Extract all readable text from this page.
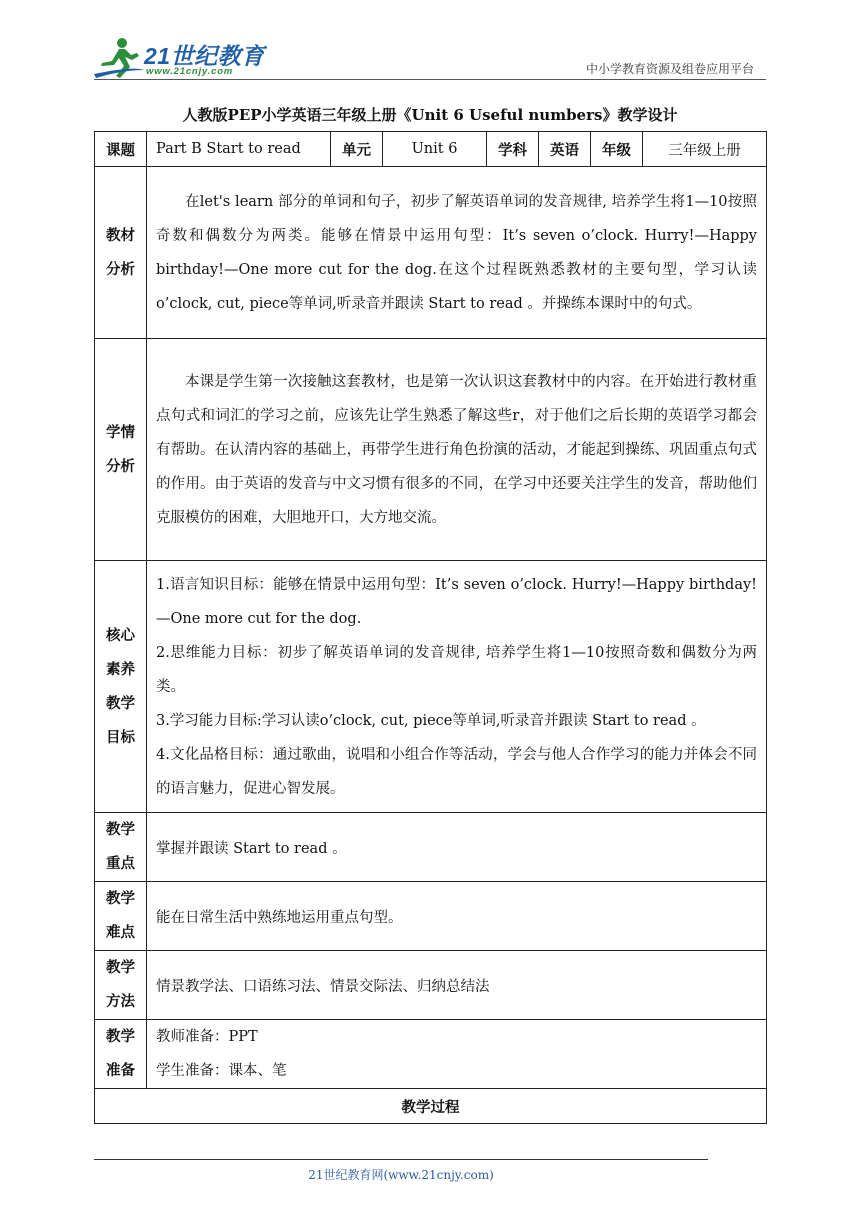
21世纪教育
www.21cnjy.com	中小学教育资源及组卷应用平台
人教版PEP小学英语三年级上册《Unit 6 Useful numbers》教学设计
课题	Part B Start to read	单元	Unit 6	学科	英语	年级	三年级上册
教材分析	在let's learn 部分的单词和句子，初步了解英语单词的发音规律, 培养学生将1—10按照奇数和偶数分为两类。能够在情景中运用句型：It’s seven o’clock. Hurry!—Happy birthday!—One more cut for the dog.在这个过程既熟悉教材的主要句型，学习认读o’clock, cut, piece等单词,听录音并跟读 Start to read 。并操练本课时中的句式。						

学情分析	本课是学生第一次接触这套教材，也是第一次认识这套教材中的内容。在开始进行教材重点句式和词汇的学习之前，应该先让学生熟悉了解这些r，对于他们之后长期的英语学习都会有帮助。在认清内容的基础上，再带学生进行角色扮演的活动，才能起到操练、巩固重点句式的作用。由于英语的发音与中文习惯有很多的不同，在学习中还要关注学生的发音，帮助他们克服模仿的困难，大胆地开口，大方地交流。						

核心素养教学目标	1.语言知识目标：能够在情景中运用句型：It’s seven o’clock. Hurry!—Happy birthday!—One more cut for the dog.
2.思维能力目标：初步了解英语单词的发音规律, 培养学生将1—10按照奇数和偶数分为两类。
3.学习能力目标:学习认读o’clock, cut, piece等单词,听录音并跟读 Start to read 。
4.文化品格目标：通过歌曲，说唱和小组合作等活动，学会与他人合作学习的能力并体会不同的语言魅力，促进心智发展。						

教学重点	掌握并跟读 Start to read 。						
教学难点	能在日常生活中熟练地运用重点句型。						
教学方法	情景教学法、口语练习法、情景交际法、归纳总结法						
教学准备	教师准备：PPT
学生准备：课本、笔						

教学过程							
21世纪教育网(www.21cnjy.com)
